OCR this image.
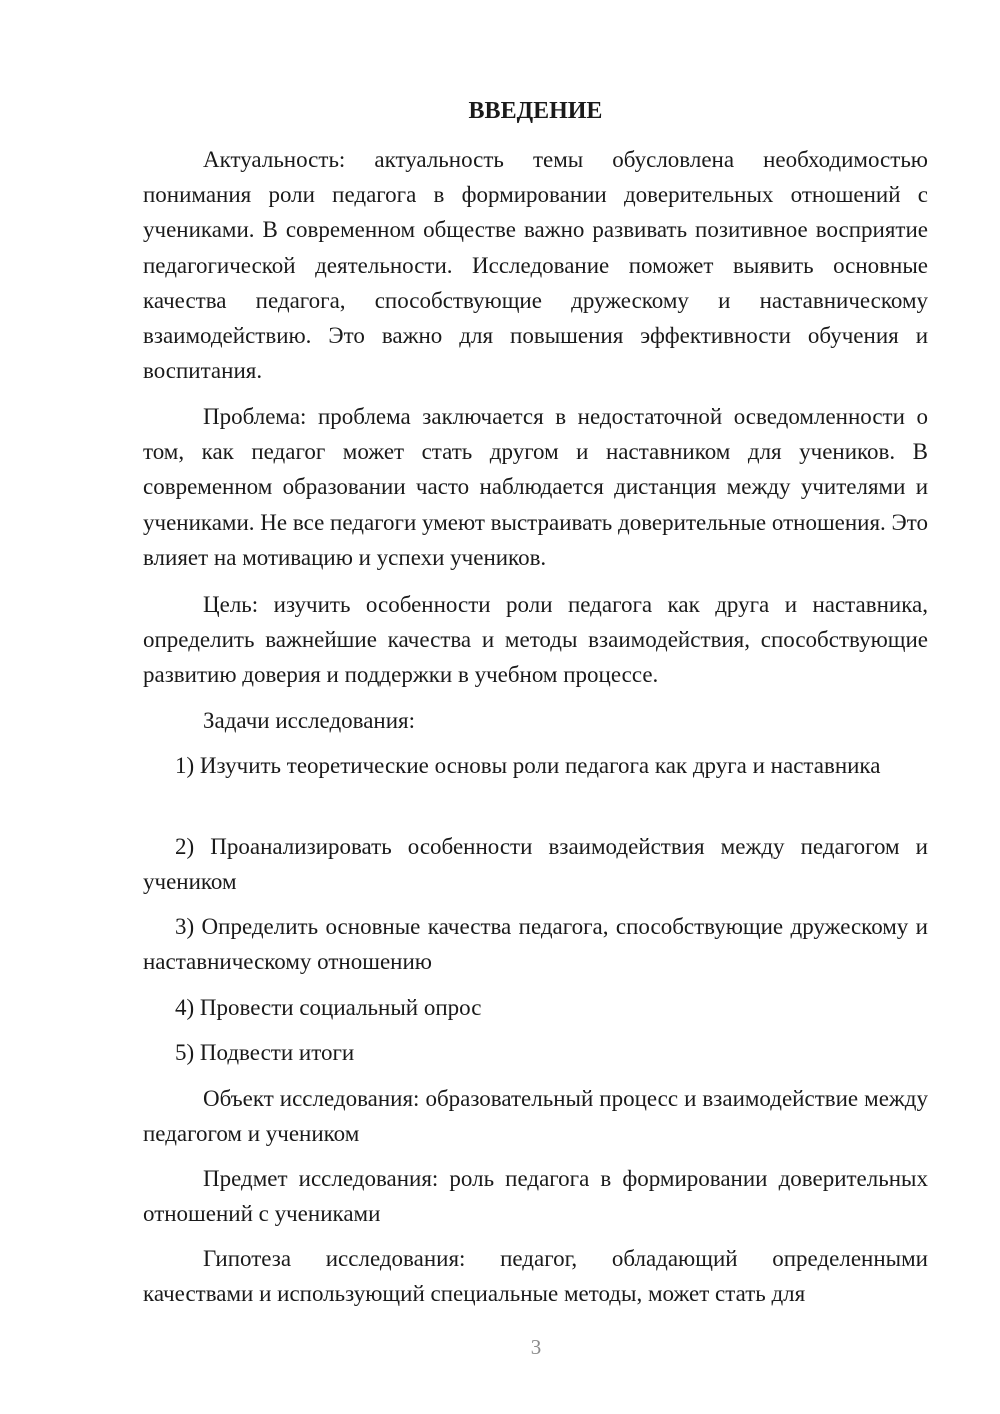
ВВЕДЕНИЕ

Актуальность: актуальность темы обусловлена необходимостью понимания роли педагога в формировании доверительных отношений с учениками. В современном обществе важно развивать позитивное восприятие педагогической деятельности. Исследование поможет выявить основные качества педагога, способствующие дружескому и наставническому взаимодействию. Это важно для повышения эффективности обучения и воспитания.

Проблема: проблема заключается в недостаточной осведомленности о том, как педагог может стать другом и наставником для учеников. В современном образовании часто наблюдается дистанция между учителями и учениками. Не все педагоги умеют выстраивать доверительные отношения. Это влияет на мотивацию и успехи учеников.

Цель: изучить особенности роли педагога как друга и наставника, определить важнейшие качества и методы взаимодействия, способствующие развитию доверия и поддержки в учебном процессе.

Задачи исследования:

1) Изучить теоретические основы роли педагога как друга и наставника

2) Проанализировать особенности взаимодействия между педагогом и учеником

3) Определить основные качества педагога, способствующие дружескому и наставническому отношению

4) Провести социальный опрос

5) Подвести итоги

Объект исследования: образовательный процесс и взаимодействие между педагогом и учеником

Предмет исследования: роль педагога в формировании доверительных отношений с учениками

Гипотеза исследования: педагог, обладающий определенными качествами и использующий специальные методы, может стать для

3
